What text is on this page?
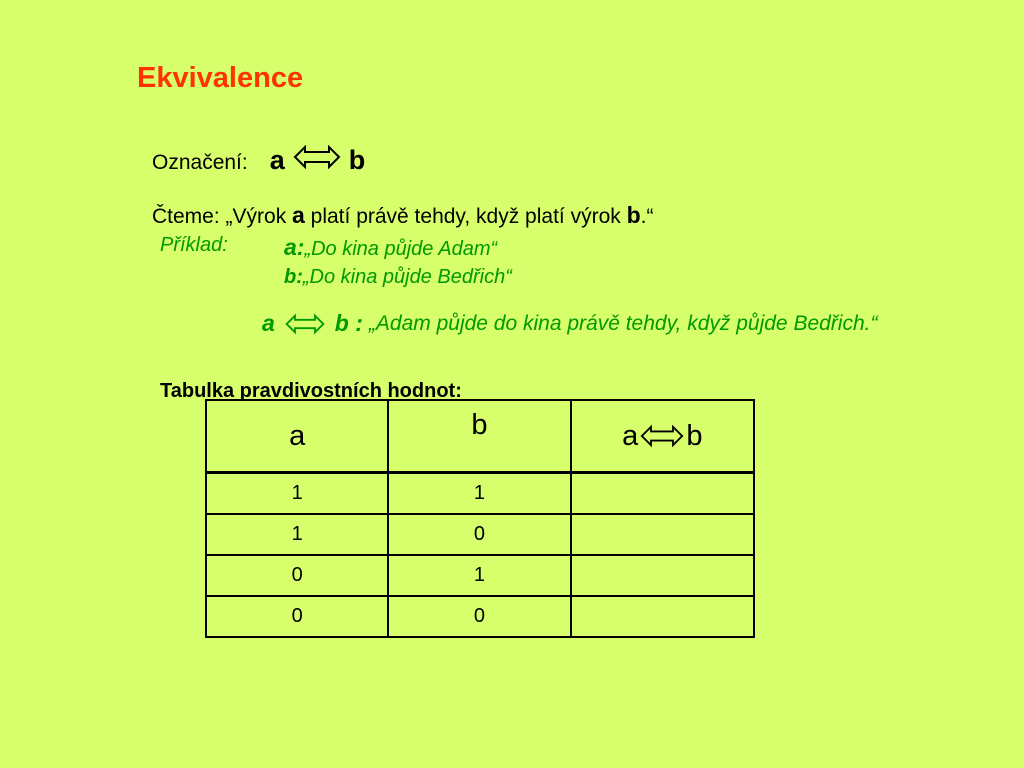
Ekvivalence
Označení: a b
Čteme: „Výrok a platí právě tehdy, když platí výrok b.“
Příklad: a:„Do kina půjde Adam“
b:„Do kina půjde Bedřich“
a	b : „Adam půjde do kina právě tehdy, když půjde Bedřich.“
Tabulka pravdivostních hodnot:
a	b	a b

1	1	
1	0	
0	1	
0	0	
